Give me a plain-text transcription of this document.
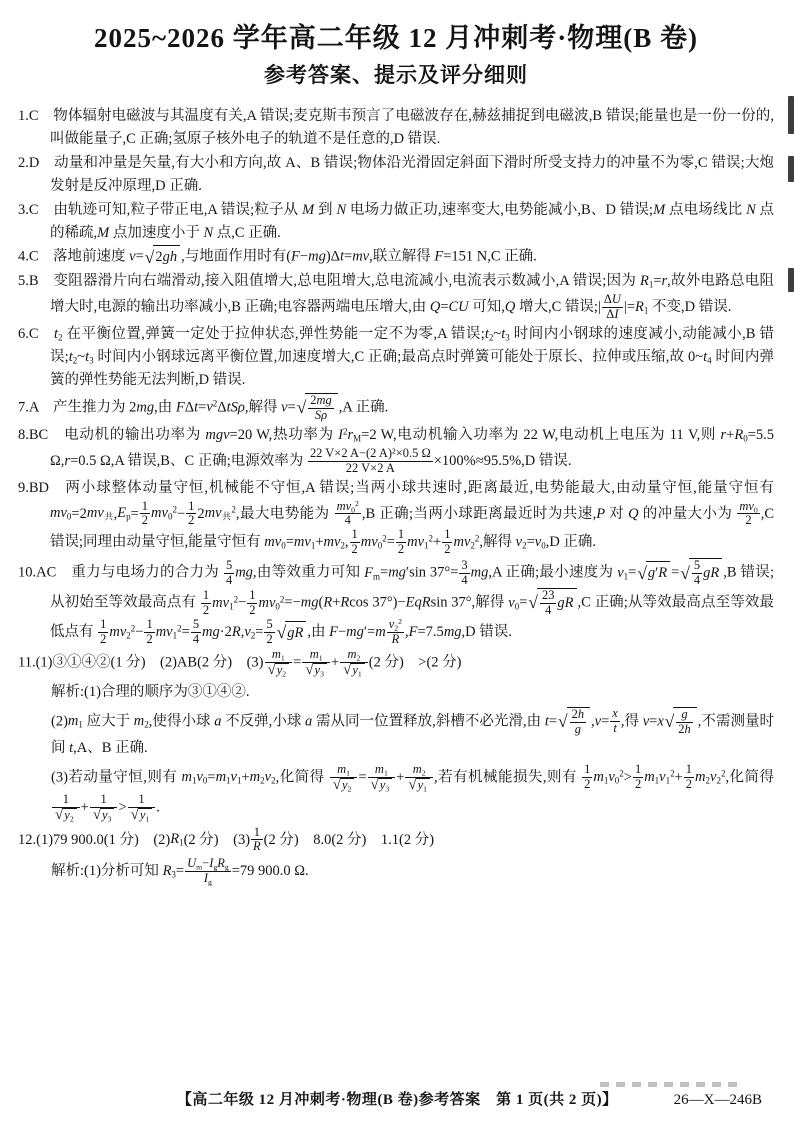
2025~2026 学年高二年级 12 月冲刺考·物理(B 卷)
参考答案、提示及评分细则
1.C　物体辐射电磁波与其温度有关,A 错误;麦克斯韦预言了电磁波存在,赫兹捕捉到电磁波,B 错误;能量也是一份一份的,叫做能量子,C 正确;氢原子核外电子的轨道不是任意的,D 错误.
2.D　动量和冲量是矢量,有大小和方向,故 A、B 错误;物体沿光滑固定斜面下滑时所受支持力的冲量不为零,C 错误;大炮发射是反冲原理,D 正确.
3.C　由轨迹可知,粒子带正电,A 错误;粒子从 M 到 N 电场力做正功,速率变大,电势能减小,B、D 错误;M 点电场线比 N 点的稀疏,M 点加速度小于 N 点,C 正确.
4.C　落地前速度 v= √ 2 gh ,与地面作用时有(F−mg)Δt=mv,联立解得 F=151 N,C 正确.
5.B　变阻器滑片向右端滑动,接入阻值增大,总电阻增大,总电流减小,电流表示数减小,A 错误;因为 $R_1=r$,故外电路总电阻增大时,电源的输出功率减小,B 正确;电容器两端电压增大,由 Q=CU 可知,Q 增大,C 错误;| $\frac{\Delta U}{\Delta I} |=R_1$ 不变,D 错误.
6.C　$t_2$ 在平衡位置,弹簧一定处于拉伸状态,弹性势能一定不为零,A 错误$;t_2\sim t_3$ 时间内小钢球的速度减小,动能减小,B 错误$;t_2\sim t_3$ 时间内小钢球远离平衡位置,加速度增大,C 正确;最高点时弹簧可能处于原长、拉伸或压缩,故 $0\sim t_4$ 时间内弹簧的弹性势能无法判断,D 错误.
7.A　产生推力为 2mg,由 $F\Delta t=v^2\Delta tS\rho$,解得 v= √ $\frac{2mg}{S\rho} ,A$ 正确.
8.BC　电动机的输出功率为 mgv=20 W,热功率为 $I^2r_M=2$ W,电动机输入功率为 22 W,电动机上电压为 11 V,则 $r+R_0=5.5$ Ω,r=0.5 Ω,A 错误,B、C 正确;电源效率为 $\frac{\text{22 V×2 A−(2 A)²×0.5 Ω}}{22 V\times 2 A} \times 100\%\approx 95.5\%,D$ 错误.
9.BD　两小球整体动量守恒,机械能不守恒,A 错误;当两小球共速时,距离最近,电势能最大,由动量守恒,能量守恒有 $mv_0=2mv_共,E_p= \frac{1}{2} mv_0^2- \frac{1}{2} 2mv_共^2$,最大电势能为 $\frac{mv_0^2}{4} ,B$ 正确;当两小球距离最近时为共速,P 对 Q 的冲量大小为 $\frac{mv_0}{2} ,C$ 错误;同理由动量守恒,能量守恒有 $mv_0=mv_1+mv_2$, $\frac{1}{2} mv_0^2= \frac{1}{2} mv_1^2+ \frac{1}{2} mv_2^2$,解得 $v_2=v_0,D$ 正确.
10.AC　重力与电场力的合力为 $\frac{5}{4}$ mg,由等效重力可知 $F_m=mg'\sin$ $37^\circ= \frac{3}{4} mg,A$ 正确;最小速度为 $v_1=$ √ g ′ R = √ $\frac{5}{4}$ gR ,B 错误;从初始至等效最高点有 $\frac{1}{2} mv_1^2- \frac{1}{2} mv_0^2=-mg(R+Rcos$ 37°)−EqRsin 37°,解得 $v_0=$ √ $\frac{23}{4}$ gR ,C 正确;从等效最高点至等效最低点有 $\frac{1}{2} mv_2^2- \frac{1}{2} mv_1^2= \frac{5}{4} mg\cdot 2R,v_2= \frac{5}{2}$ √ gR ,由 $F-mg'=m \frac{v_2^2}{R} ,F=7.5mg,D$ 错误.
11.(1)③①④②(1 分)　(2)AB(2 分)　$(3) \frac{m_1}{√ y_2} = \frac{m_1}{√ y_3} + \frac{m_2}{√ y_1} (2$ 分)　>(2 分)
解析:(1)合理的顺序为③①④②.
$(2)m_1$ 应大于 $m_2$,使得小球 a 不反弹,小球 a 需从同一位置释放,斜槽不必光滑,由 t= √ $\frac{2h}{g} ,v= \frac{x}{t}$ ,得 v=x √ $\frac{g}{2h}$ ,不需测量时间 t,A、B 正确.
(3)若动量守恒,则有 $m_1v_0=m_1v_1+m_2v_2$,化简得 $\frac{m_1}{√ y_2} = \frac{m_1}{√ y_3} + \frac{m_2}{√ y_1}$ ,若有机械能损失,则有 $\frac{1}{2} m_1v_0^2> \frac{1}{2} m_1v_1^2+ \frac{1}{2} m_2v_2^2$,化简得
$\frac{1}{√ y_2} + \frac{1}{√ y_3} > \frac{1}{√ y_1}$ .
12.(1)79 900.0(1 分)　$(2)R_1(2$ 分)　$(3) \frac{1}{R} (2$ 分)　8.0(2 分)　1.1(2 分)
解析:(1)分析可知 $R_3= \frac{U_m-I_gR_g}{I_g} =79$ 900.0 Ω.
【高二年级 12 月冲刺考·物理(B 卷)参考答案　第 1 页(共 2 页)】	26—X—246B
